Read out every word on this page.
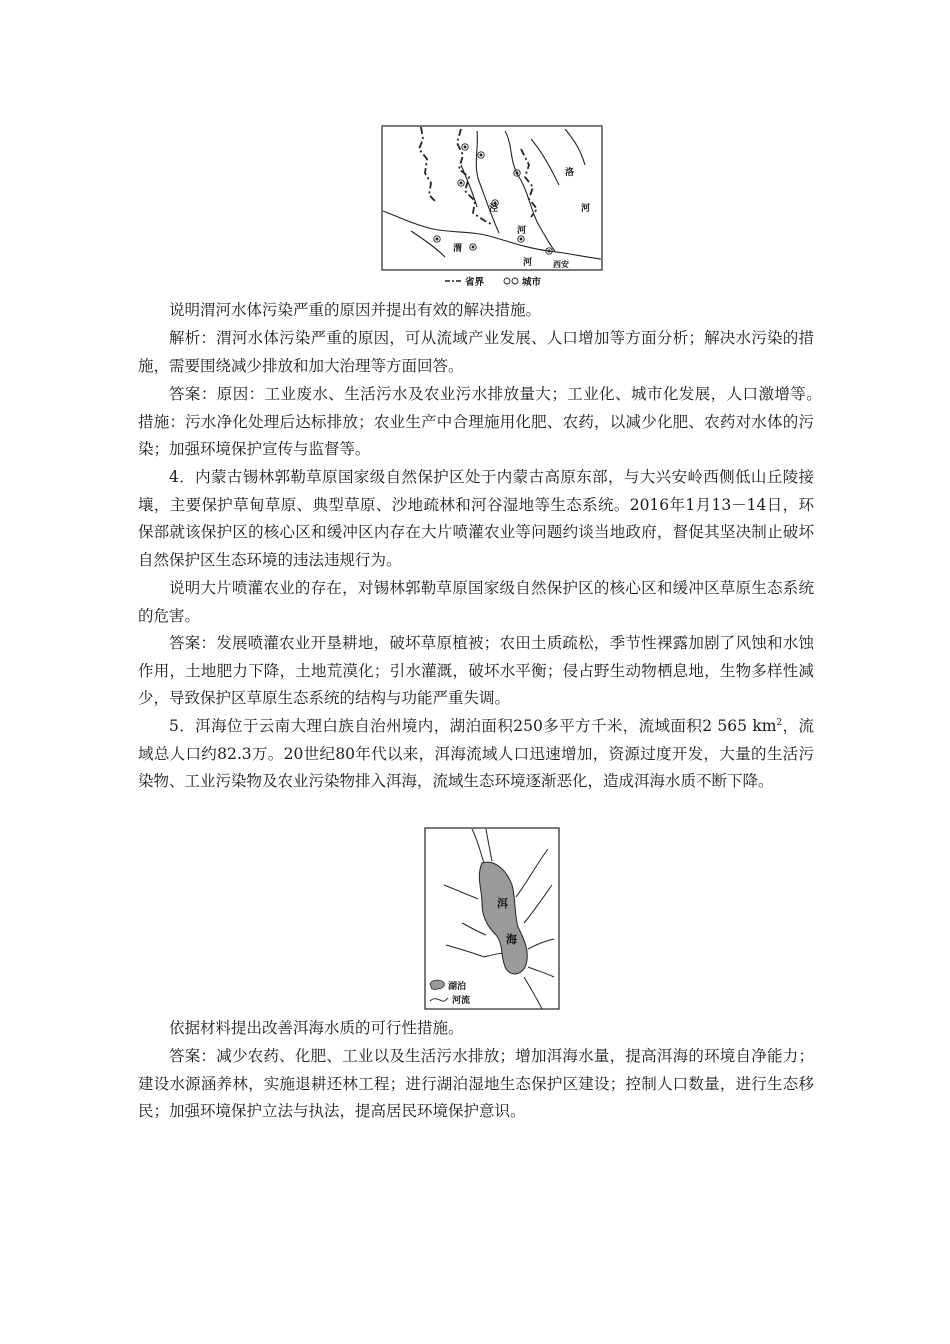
洛
河
泾
河
渭
河	西安
省界	城市

说明渭河水体污染严重的原因并提出有效的解决措施。

解析：渭河水体污染严重的原因，可从流域产业发展、人口增加等方面分析；解决水污染的措施，需要围绕减少排放和加大治理等方面回答。

答案：原因：工业废水、生活污水及农业污水排放量大；工业化、城市化发展，人口激增等。　措施：污水净化处理后达标排放；农业生产中合理施用化肥、农药，以减少化肥、农药对水体的污染；加强环境保护宣传与监督等。

4．内蒙古锡林郭勒草原国家级自然保护区处于内蒙古高原东部，与大兴安岭西侧低山丘陵接壤，主要保护草甸草原、典型草原、沙地疏林和河谷湿地等生态系统。2016年1月13－14日，环保部就该保护区的核心区和缓冲区内存在大片喷灌农业等问题约谈当地政府，督促其坚决制止破坏自然保护区生态环境的违法违规行为。

说明大片喷灌农业的存在，对锡林郭勒草原国家级自然保护区的核心区和缓冲区草原生态系统的危害。

答案：发展喷灌农业开垦耕地，破坏草原植被；农田土质疏松，季节性裸露加剧了风蚀和水蚀作用，土地肥力下降，土地荒漠化；引水灌溉，破坏水平衡；侵占野生动物栖息地，生物多样性减少，导致保护区草原生态系统的结构与功能严重失调。

5．洱海位于云南大理白族自治州境内，湖泊面积250多平方千米，流域面积2 565 $km^2$，流域总人口约82.3万。20世纪80年代以来，洱海流域人口迅速增加，资源过度开发，大量的生活污染物、工业污染物及农业污染物排入洱海，流域生态环境逐渐恶化，造成洱海水质不断下降。

洱
海
湖泊
河流

依据材料提出改善洱海水质的可行性措施。

答案：减少农药、化肥、工业以及生活污水排放；增加洱海水量，提高洱海的环境自净能力；建设水源涵养林，实施退耕还林工程；进行湖泊湿地生态保护区建设；控制人口数量，进行生态移民；加强环境保护立法与执法，提高居民环境保护意识。
